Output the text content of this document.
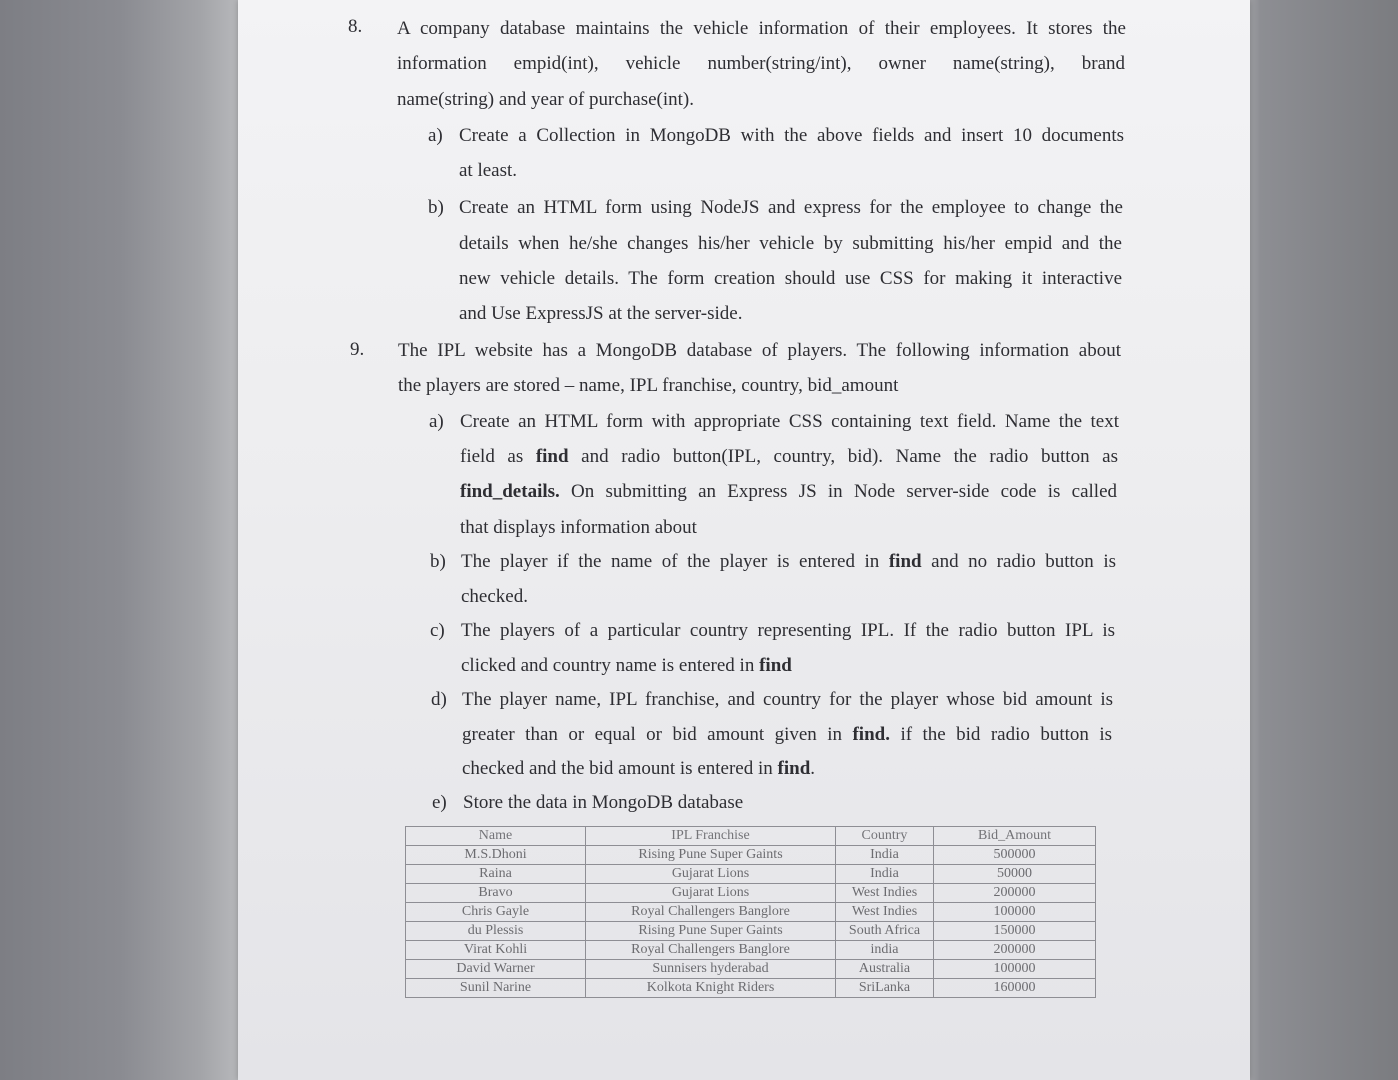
8. A company database maintains the vehicle information of their employees. It stores the
information empid(int), vehicle number(string/int), owner name(string), brand
name(string) and year of purchase(int).
a) Create a Collection in MongoDB with the above fields and insert 10 documents
at least.
b) Create an HTML form using NodeJS and express for the employee to change the
details when he/she changes his/her vehicle by submitting his/her empid and the
new vehicle details. The form creation should use CSS for making it interactive
and Use ExpressJS at the server-side.
9. The IPL website has a MongoDB database of players. The following information about
the players are stored – name, IPL franchise, country, bid_amount
a) Create an HTML form with appropriate CSS containing text field. Name the text
field as find and radio button(IPL, country, bid). Name the radio button as
find_details. On submitting an Express JS in Node server-side code is called
that displays information about
b) The player if the name of the player is entered in find and no radio button is
checked.
c) The players of a particular country representing IPL. If the radio button IPL is
clicked and country name is entered in find
d) The player name, IPL franchise, and country for the player whose bid amount is
greater than or equal or bid amount given in find. if the bid radio button is
checked and the bid amount is entered in find.
e) Store the data in MongoDB database
Name	IPL Franchise	Country	Bid_Amount
M.S.Dhoni	Rising Pune Super Gaints	India	500000
Raina	Gujarat Lions	India	50000
Bravo	Gujarat Lions	West Indies	200000
Chris Gayle	Royal Challengers Banglore	West Indies	100000
du Plessis	Rising Pune Super Gaints	South Africa	150000
Virat Kohli	Royal Challengers Banglore	india	200000
David Warner	Sunnisers hyderabad	Australia	100000
Sunil Narine	Kolkota Knight Riders	SriLanka	160000
